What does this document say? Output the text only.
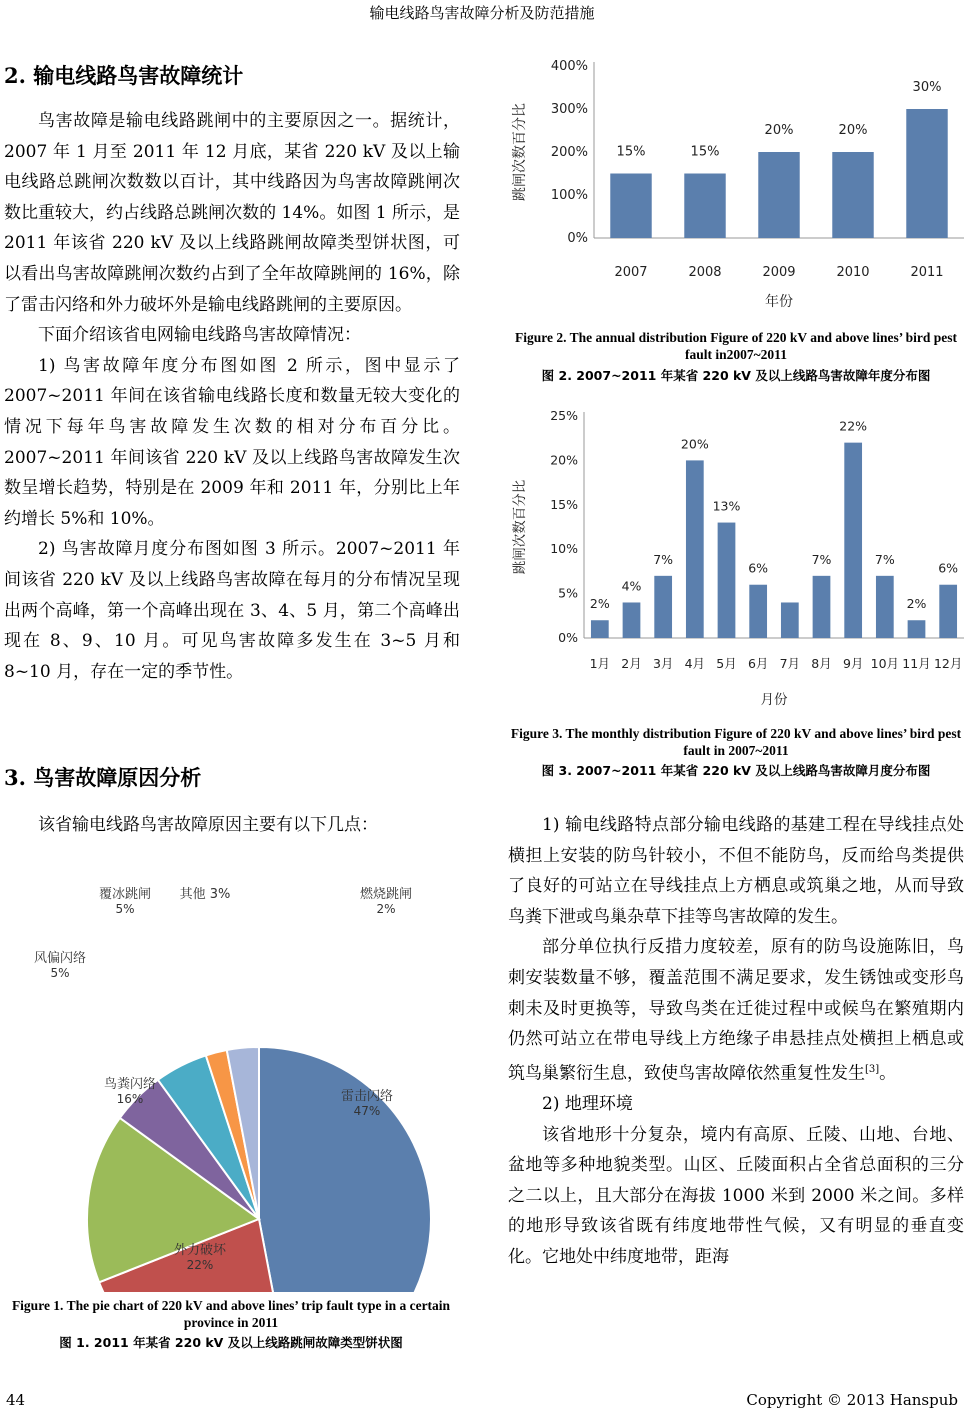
输电线路鸟害故障分析及防范措施
2. 输电线路鸟害故障统计

鸟害故障是输电线路跳闸中的主要原因之一。据统计，2007 年 1 月至 2011 年 12 月底，某省 220 kV 及以上输电线路总跳闸次数数以百计，其中线路因为鸟害故障跳闸次数比重较大，约占线路总跳闸次数的 14%。如图 1 所示，是 2011 年该省 220 kV 及以上线路跳闸故障类型饼状图，可以看出鸟害故障跳闸次数约占到了全年故障跳闸的 16%，除了雷击闪络和外力破坏外是输电线路跳闸的主要原因。

下面介绍该省电网输电线路鸟害故障情况：

1) 鸟害故障年度分布图如图 2 所示，图中显示了 2007~2011 年间在该省输电线路长度和数量无较大变化的情况下每年鸟害故障发生次数的相对分布百分比。2007~2011 年间该省 220 kV 及以上线路鸟害故障发生次数呈增长趋势，特别是在 2009 年和 2011 年，分别比上年约增长 5%和 10%。

2) 鸟害故障月度分布图如图 3 所示。2007~2011 年间该省 220 kV 及以上线路鸟害故障在每月的分布情况呈现出两个高峰，第一个高峰出现在 3、4、5 月，第二个高峰出现在 8、9、10 月。可见鸟害故障多发生在 3~5 月和 8~10 月，存在一定的季节性。

3. 鸟害故障原因分析

该省输电线路鸟害故障原因主要有以下几点：

雷击闪络
47%
外力破坏
22%
鸟粪闪络
16%
风偏闪络
5%
覆冰跳闸
5%
燃烧跳闸
2%
其他 3%
Figure 1. The pie chart of 220 kV and above lines’ trip fault type in a certain province in 2011
图 1. 2011 年某省 220 kV 及以上线路跳闸故障类型饼状图
0%
100%
200%
300%
400%
15%
2007
15%
2008
20%
2009
20%
2010
30%
2011
年份
跳闸次数百分比
Figure 2. The annual distribution Figure of 220 kV and above lines’ bird pest fault in2007~2011
图 2. 2007~2011 年某省 220 kV 及以上线路鸟害故障年度分布图
0%
5%
10%
15%
20%
25%
2%
1月
4%
2月
7%
3月
20%
4月
13%
5月
6%
6月 7月
7%
8月
22%
9月
7%
10月
2%
11月
6%
12月
月份
跳闸次数百分比
Figure 3. The monthly distribution Figure of 220 kV and above lines’ bird pest fault in 2007~2011
图 3. 2007~2011 年某省 220 kV 及以上线路鸟害故障月度分布图

1) 输电线路特点部分输电线路的基建工程在导线挂点处横担上安装的防鸟针较小，不但不能防鸟，反而给鸟类提供了良好的可站立在导线挂点上方栖息或筑巢之地，从而导致鸟粪下泄或鸟巢杂草下挂等鸟害故障的发生。

部分单位执行反措力度较差，原有的防鸟设施陈旧，鸟刺安装数量不够，覆盖范围不满足要求，发生锈蚀或变形鸟刺未及时更换等，导致鸟类在迁徙过程中或候鸟在繁殖期内仍然可站立在带电导线上方绝缘子串悬挂点处横担上栖息或筑鸟巢繁衍生息，致使鸟害故障依然重复性发生[3]。

2) 地理环境

该省地形十分复杂，境内有高原、丘陵、山地、台地、盆地等多种地貌类型。山区、丘陵面积占全省总面积的三分之二以上，且大部分在海拔 1000 米到 2000 米之间。多样的地形导致该省既有纬度地带性气候，又有明显的垂直变化。它地处中纬度地带，距海

44	Copyright © 2013 Hanspub
